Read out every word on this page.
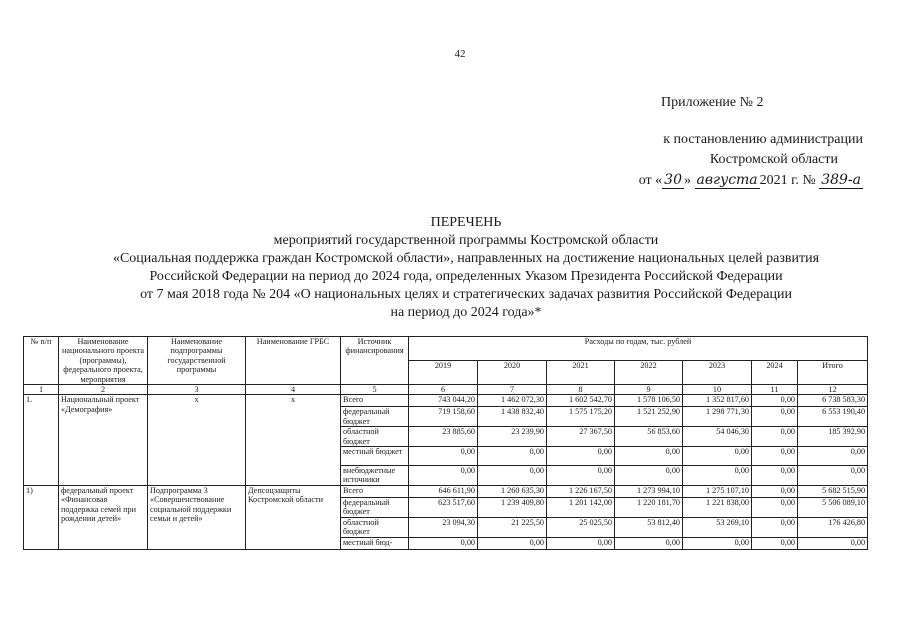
42
Приложение № 2
к постановлению администрации
Костромской области
от « 30 » августа 2021 г. № 389-а
ПЕРЕЧЕНЬ
мероприятий государственной программы Костромской области
«Социальная поддержка граждан Костромской области», направленных на достижение национальных целей развития
Российской Федерации на период до 2024 года, определенных Указом Президента Российской Федерации
от 7 мая 2018 года № 204 «О национальных целях и стратегических задачах развития Российской Федерации
на период до 2024 года»*
№ п/п	Наименование национального проекта (программы), федерального проекта, мероприятия	Наименование подпрограммы государственной программы	Наименование ГРБС	Источник финансирования	Расходы по годам, тыс. рублей						
					2019	2020	2021	2022	2023	2024	Итого
1	2	3	4	5	6	7	8	9	10	11	12
1.	Национальный проект «Демография»	x	x	Всего	743 044,20	1 462 072,30	1 602 542,70	1 578 106,50	1 352 817,60	0,00	6 738 583,30
				федеральный бюджет	719 158,60	1 438 832,40	1 575 175,20	1 521 252,90	1 298 771,30	0,00	6 553 190,40
				областной бюджет	23 885,60	23 239,90	27 367,50	56 853,60	54 046,30	0,00	185 392,90
				местный бюджет	0,00	0,00	0,00	0,00	0,00	0,00	0,00
				внебюджетные источники	0,00	0,00	0,00	0,00	0,00	0,00	0,00
1)	федеральный проект «Финансовая поддержка семей при рождении детей»	Подпрограмма 3 «Совершенствование социальной поддержки семьи и детей»	Депсоцзащиты Костромской области	Всего	646 611,90	1 260 635,30	1 226 167,50	1 273 994,10	1 275 107,10	0,00	5 682 515,90
				федеральный бюджет	623 517,60	1 239 409,80	1 201 142,00	1 220 181,70	1 221 838,00	0,00	5 506 089,10
				областной бюджет	23 094,30	21 225,50	25 025,50	53 812,40	53 269,10	0,00	176 426,80
				местный бюд-	0,00	0,00	0,00	0,00	0,00	0,00	0,00
